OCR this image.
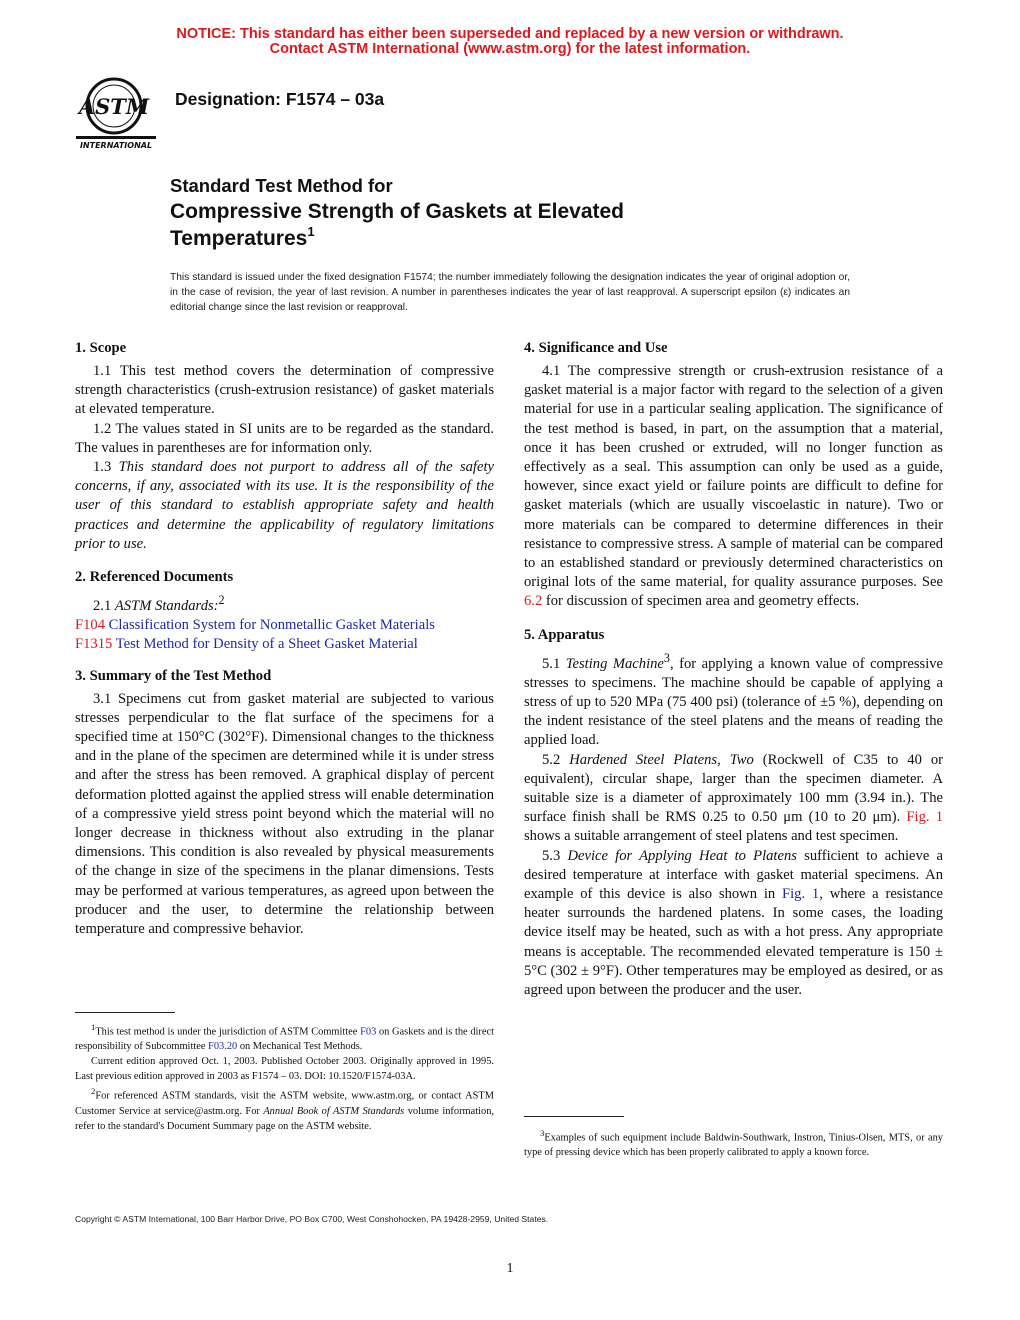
NOTICE: This standard has either been superseded and replaced by a new version or withdrawn.
Contact ASTM International (www.astm.org) for the latest information.
ASTM
INTERNATIONAL
Designation: F1574 – 03a
Standard Test Method for
Compressive Strength of Gaskets at Elevated
Temperatures$^1$
This standard is issued under the fixed designation F1574; the number immediately following the designation indicates the year of original adoption or, in the case of revision, the year of last revision. A number in parentheses indicates the year of last reapproval. A superscript epsilon (ε) indicates an editorial change since the last revision or reapproval.
1. Scope

1.1 This test method covers the determination of compressive strength characteristics (crush-extrusion resistance) of gasket materials at elevated temperature.

1.2 The values stated in SI units are to be regarded as the standard. The values in parentheses are for information only.

1.3 This standard does not purport to address all of the safety concerns, if any, associated with its use. It is the responsibility of the user of this standard to establish appropriate safety and health practices and determine the applicability of regulatory limitations prior to use.

2. Referenced Documents

2.1 ASTM Standards:$^2$

F104 Classification System for Nonmetallic Gasket Materials
F1315 Test Method for Density of a Sheet Gasket Material
3. Summary of the Test Method

3.1 Specimens cut from gasket material are subjected to various stresses perpendicular to the flat surface of the specimens for a specified time at 150°C (302°F). Dimensional changes to the thickness and in the plane of the specimen are determined while it is under stress and after the stress has been removed. A graphical display of percent deformation plotted against the applied stress will enable determination of a compressive yield stress point beyond which the material will no longer decrease in thickness without also extruding in the planar dimensions. This condition is also revealed by physical measurements of the change in size of the specimens in the planar dimensions. Tests may be performed at various temperatures, as agreed upon between the producer and the user, to determine the relationship between temperature and compressive behavior.

4. Significance and Use

4.1 The compressive strength or crush-extrusion resistance of a gasket material is a major factor with regard to the selection of a given material for use in a particular sealing application. The significance of the test method is based, in part, on the assumption that a material, once it has been crushed or extruded, will no longer function as effectively as a seal. This assumption can only be used as a guide, however, since exact yield or failure points are difficult to define for gasket materials (which are usually viscoelastic in nature). Two or more materials can be compared to determine differences in their resistance to compressive stress. A sample of material can be compared to an established standard or previously determined characteristics on original lots of the same material, for quality assurance purposes. See 6.2 for discussion of specimen area and geometry effects.

5. Apparatus

5.1 Testing Machine$^3$, for applying a known value of compressive stresses to specimens. The machine should be capable of applying a stress of up to 520 MPa (75 400 psi) (tolerance of ±5 %), depending on the indent resistance of the steel platens and the means of reading the applied load.

5.2 Hardened Steel Platens, Two (Rockwell of C35 to 40 or equivalent), circular shape, larger than the specimen diameter. A suitable size is a diameter of approximately 100 mm (3.94 in.). The surface finish shall be RMS 0.25 to 0.50 μm (10 to 20 μm). Fig. 1 shows a suitable arrangement of steel platens and test specimen.

5.3 Device for Applying Heat to Platens sufficient to achieve a desired temperature at interface with gasket material specimens. An example of this device is also shown in Fig. 1, where a resistance heater surrounds the hardened platens. In some cases, the loading device itself may be heated, such as with a hot press. Any appropriate means is acceptable. The recommended elevated temperature is 150 ± 5°C (302 ± 9°F). Other temperatures may be employed as desired, or as agreed upon between the producer and the user.

$^1$This test method is under the jurisdiction of ASTM Committee F03 on Gaskets and is the direct responsibility of Subcommittee F03.20 on Mechanical Test Methods.

Current edition approved Oct. 1, 2003. Published October 2003. Originally approved in 1995. Last previous edition approved in 2003 as F1574 – 03. DOI: 10.1520/F1574-03A.

$^2$For referenced ASTM standards, visit the ASTM website, www.astm.org, or contact ASTM Customer Service at service@astm.org. For Annual Book of ASTM Standards volume information, refer to the standard's Document Summary page on the ASTM website.

$^3$Examples of such equipment include Baldwin-Southwark, Instron, Tinius-Olsen, MTS, or any type of pressing device which has been properly calibrated to apply a known force.

Copyright © ASTM International, 100 Barr Harbor Drive, PO Box C700, West Conshohocken, PA 19428-2959, United States.
1
